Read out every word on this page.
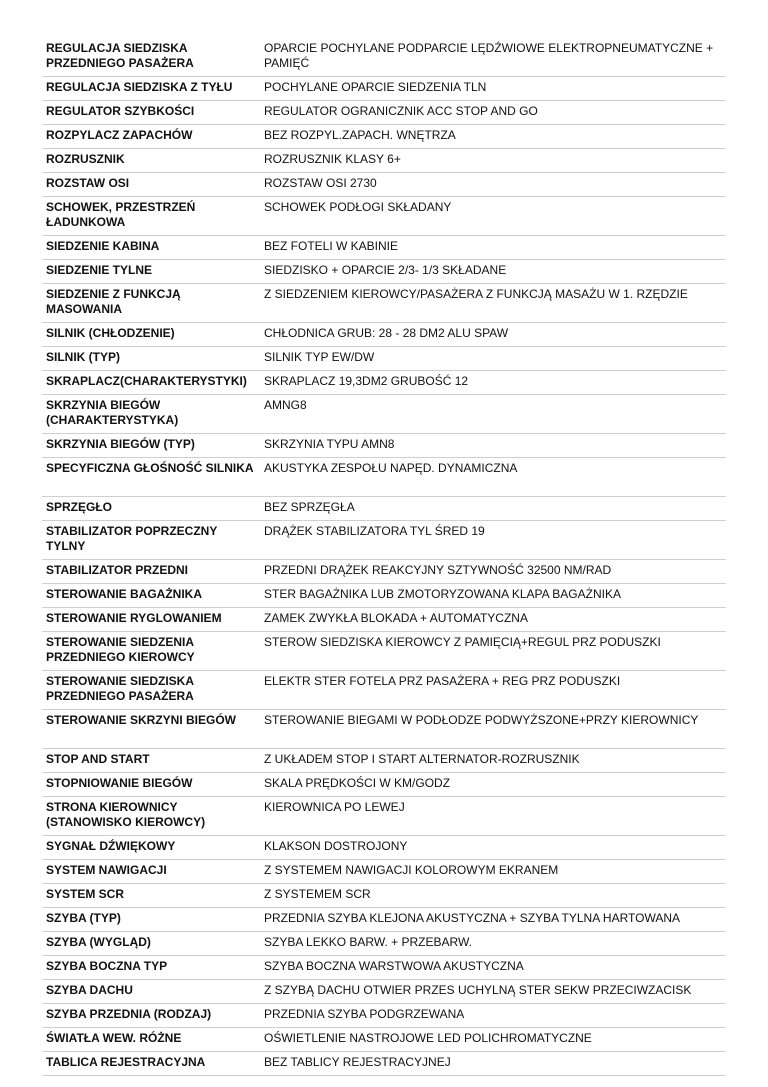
REGULACJA SIEDZISKA PRZEDNIEGO PASAŻERA	OPARCIE POCHYLANE PODPARCIE LĘDŹWIOWE ELEKTROPNEUMATYCZNE + PAMIĘĆ
REGULACJA SIEDZISKA Z TYŁU	POCHYLANE OPARCIE SIEDZENIA TLN
REGULATOR SZYBKOŚCI	REGULATOR OGRANICZNIK ACC STOP AND GO
ROZPYLACZ ZAPACHÓW	BEZ ROZPYL.ZAPACH. WNĘTRZA
ROZRUSZNIK	ROZRUSZNIK KLASY 6+
ROZSTAW OSI	ROZSTAW OSI 2730
SCHOWEK, PRZESTRZEŃ ŁADUNKOWA	SCHOWEK PODŁOGI SKŁADANY
SIEDZENIE KABINA	BEZ FOTELI W KABINIE
SIEDZENIE TYLNE	SIEDZISKO + OPARCIE 2/3- 1/3 SKŁADANE
SIEDZENIE Z FUNKCJĄ MASOWANIA	Z SIEDZENIEM KIEROWCY/PASAŻERA Z FUNKCJĄ MASAŻU W 1. RZĘDZIE
SILNIK (CHŁODZENIE)	CHŁODNICA GRUB: 28 - 28 DM2 ALU SPAW
SILNIK (TYP)	SILNIK TYP EW/DW
SKRAPLACZ(CHARAKTERYSTYKI)	SKRAPLACZ 19,3DM2 GRUBOŚĆ 12
SKRZYNIA BIEGÓW (CHARAKTERYSTYKA)	AMNG8
SKRZYNIA BIEGÓW (TYP)	SKRZYNIA TYPU AMN8
SPECYFICZNA GŁOŚNOŚĆ SILNIKA	AKUSTYKA ZESPOŁU NAPĘD. DYNAMICZNA
SPRZĘGŁO	BEZ SPRZĘGŁA
STABILIZATOR POPRZECZNY TYLNY	DRĄŻEK STABILIZATORA TYL ŚRED 19
STABILIZATOR PRZEDNI	PRZEDNI DRĄŻEK REAKCYJNY SZTYWNOŚĆ 32500 NM/RAD
STEROWANIE BAGAŻNIKA	STER BAGAŻNIKA LUB ZMOTORYZOWANA KLAPA BAGAŻNIKA
STEROWANIE RYGLOWANIEM	ZAMEK ZWYKŁA BLOKADA + AUTOMATYCZNA
STEROWANIE SIEDZENIA PRZEDNIEGO KIEROWCY	STEROW SIEDZISKA KIEROWCY Z PAMIĘCIĄ+REGUL PRZ PODUSZKI
STEROWANIE SIEDZISKA PRZEDNIEGO PASAŻERA	ELEKTR STER FOTELA PRZ PASAŻERA + REG PRZ PODUSZKI
STEROWANIE SKRZYNI BIEGÓW	STEROWANIE BIEGAMI W PODŁODZE PODWYŻSZONE+PRZY KIEROWNICY
STOP AND START	Z UKŁADEM STOP I START ALTERNATOR-ROZRUSZNIK
STOPNIOWANIE BIEGÓW	SKALA PRĘDKOŚCI W KM/GODZ
STRONA KIEROWNICY (STANOWISKO KIEROWCY)	KIEROWNICA PO LEWEJ
SYGNAŁ DŹWIĘKOWY	KLAKSON DOSTROJONY
SYSTEM NAWIGACJI	Z SYSTEMEM NAWIGACJI KOLOROWYM EKRANEM
SYSTEM SCR	Z SYSTEMEM SCR
SZYBA (TYP)	PRZEDNIA SZYBA KLEJONA AKUSTYCZNA + SZYBA TYLNA HARTOWANA
SZYBA (WYGLĄD)	SZYBA LEKKO BARW. + PRZEBARW.
SZYBA BOCZNA TYP	SZYBA BOCZNA WARSTWOWA AKUSTYCZNA
SZYBA DACHU	Z SZYBĄ DACHU OTWIER PRZES UCHYLNĄ STER SEKW PRZECIWZACISK
SZYBA PRZEDNIA (RODZAJ)	PRZEDNIA SZYBA PODGRZEWANA
ŚWIATŁA WEW. RÓŻNE	OŚWIETLENIE NASTROJOWE LED POLICHROMATYCZNE
TABLICA REJESTRACYJNA	BEZ TABLICY REJESTRACYJNEJ
